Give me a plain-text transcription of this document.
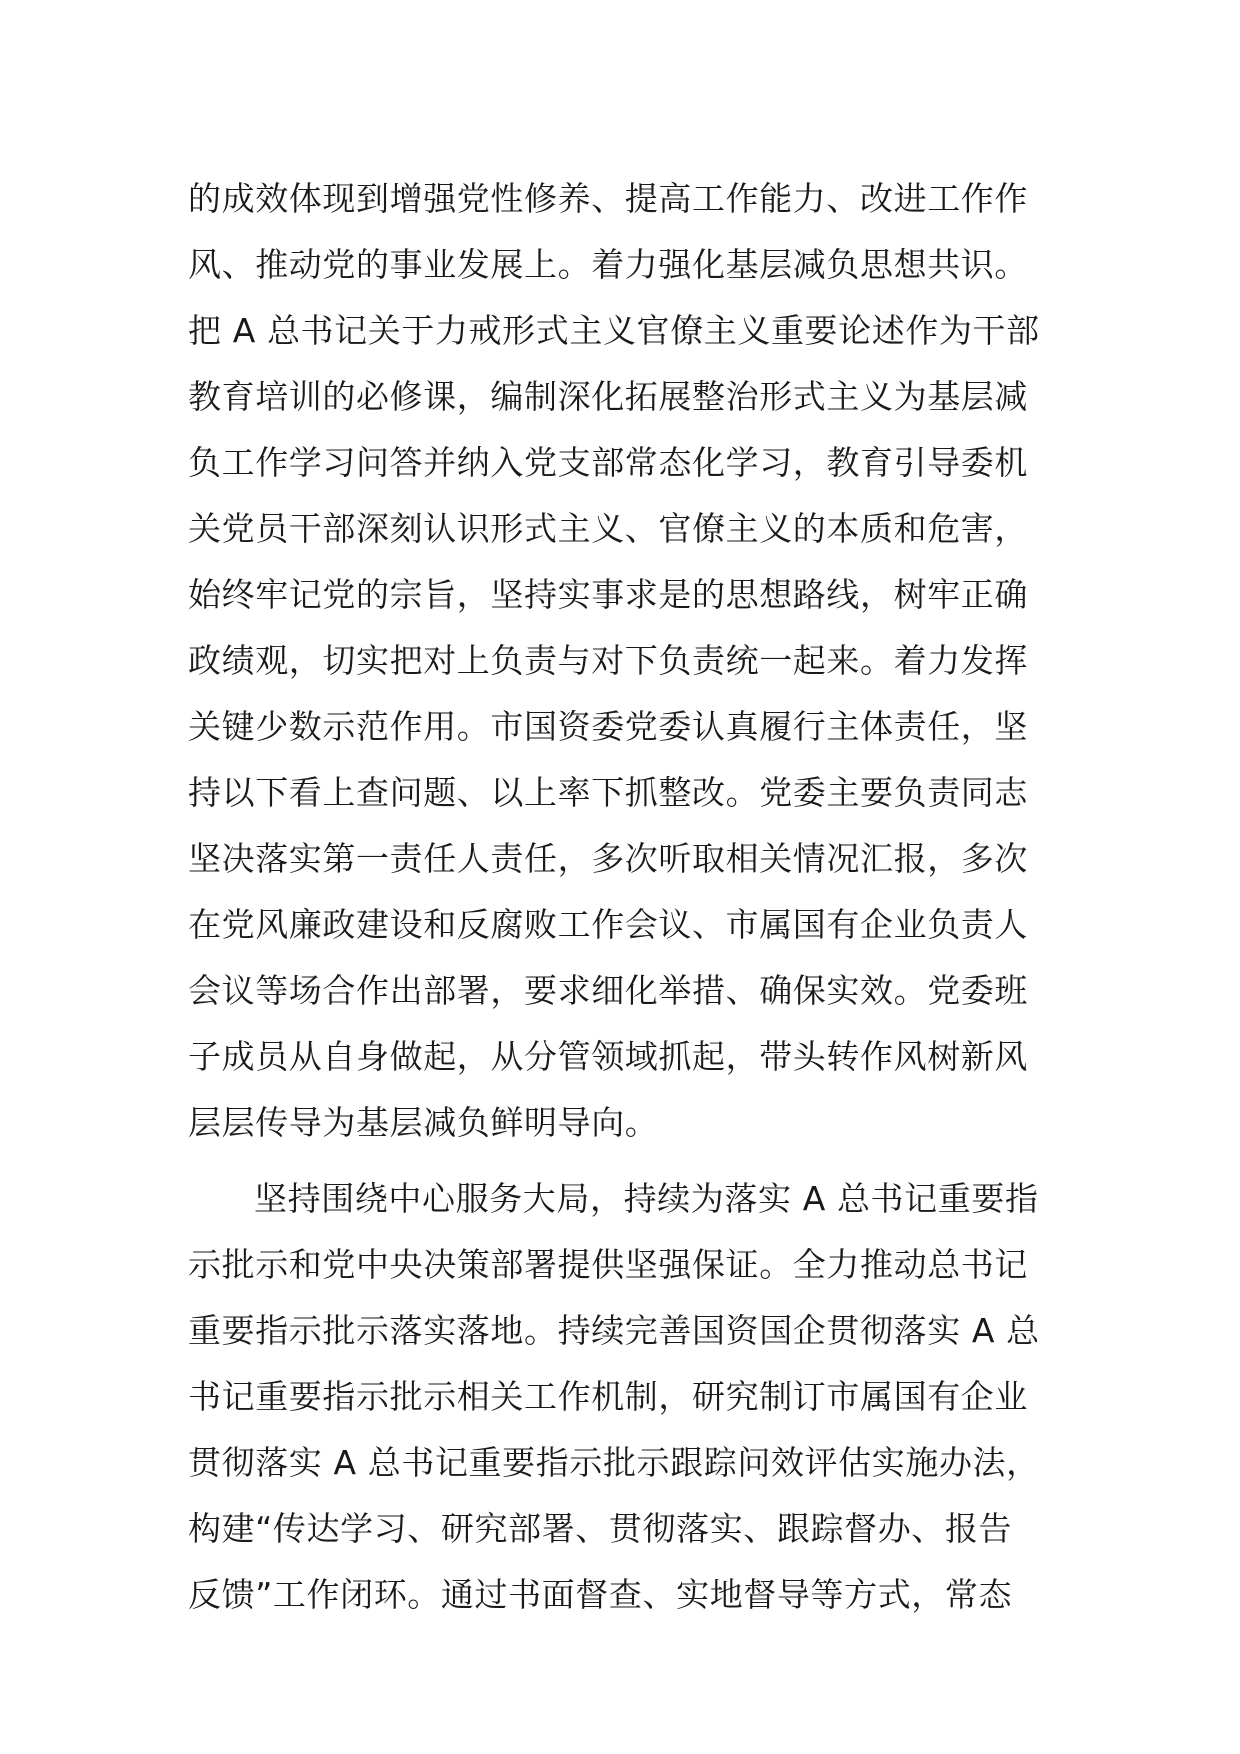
的成效体现到增强党性修养、提高工作能力、改进工作作
风、推动党的事业发展上。着力强化基层减负思想共识。
把 A 总书记关于力戒形式主义官僚主义重要论述作为干部
教育培训的必修课，编制深化拓展整治形式主义为基层减
负工作学习问答并纳入党支部常态化学习，教育引导委机
关党员干部深刻认识形式主义、官僚主义的本质和危害，
始终牢记党的宗旨，坚持实事求是的思想路线，树牢正确
政绩观，切实把对上负责与对下负责统一起来。着力发挥
关键少数示范作用。市国资委党委认真履行主体责任，坚
持以下看上查问题、以上率下抓整改。党委主要负责同志
坚决落实第一责任人责任，多次听取相关情况汇报，多次
在党风廉政建设和反腐败工作会议、市属国有企业负责人
会议等场合作出部署，要求细化举措、确保实效。党委班
子成员从自身做起，从分管领域抓起，带头转作风树新风
层层传导为基层减负鲜明导向。
坚持围绕中心服务大局，持续为落实 A 总书记重要指
示批示和党中央决策部署提供坚强保证。全力推动总书记
重要指示批示落实落地。持续完善国资国企贯彻落实 A 总
书记重要指示批示相关工作机制，研究制订市属国有企业
贯彻落实 A 总书记重要指示批示跟踪问效评估实施办法，
构建“传达学习、研究部署、贯彻落实、跟踪督办、报告
反馈”工作闭环。通过书面督查、实地督导等方式，常态
